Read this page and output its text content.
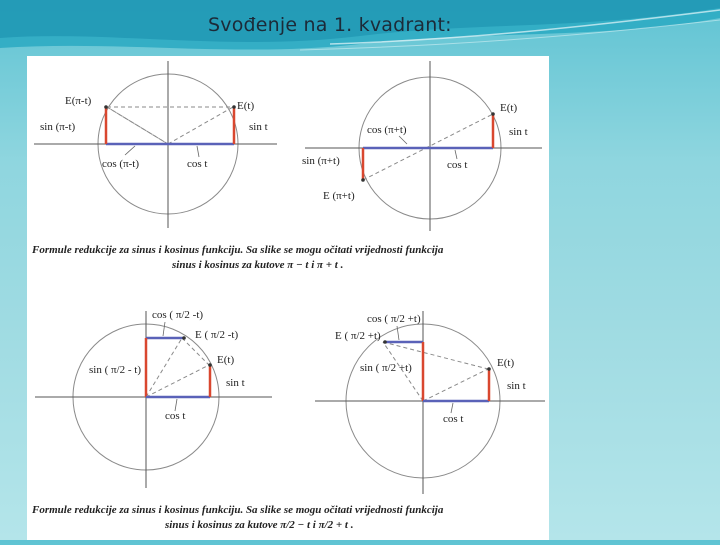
Svođenje na 1. kvadrant:
E(π-t)	E(t)
sin (π-t)	sin t
cos (π-t)	cos t
E(t)
cos (π+t)	sin t
sin (π+t)	cos t
E (π+t)
Formule redukcije za sinus i kosinus funkciju. Sa slike se mogu očitati vrijednosti funkcija
sinus i kosinus za kutove π − t i π + t .
cos ( π/2 -t)
E ( π/2 -t)
E(t)
sin ( π/2 - t)
sin t
cos t
cos ( π/2 +t)
E ( π/2 +t)
sin ( π/2 +t)	E(t)
sin t
cos t
Formule redukcije za sinus i kosinus funkciju. Sa slike se mogu očitati vrijednosti funkcija
sinus i kosinus za kutove π/2 − t i π/2 + t .
